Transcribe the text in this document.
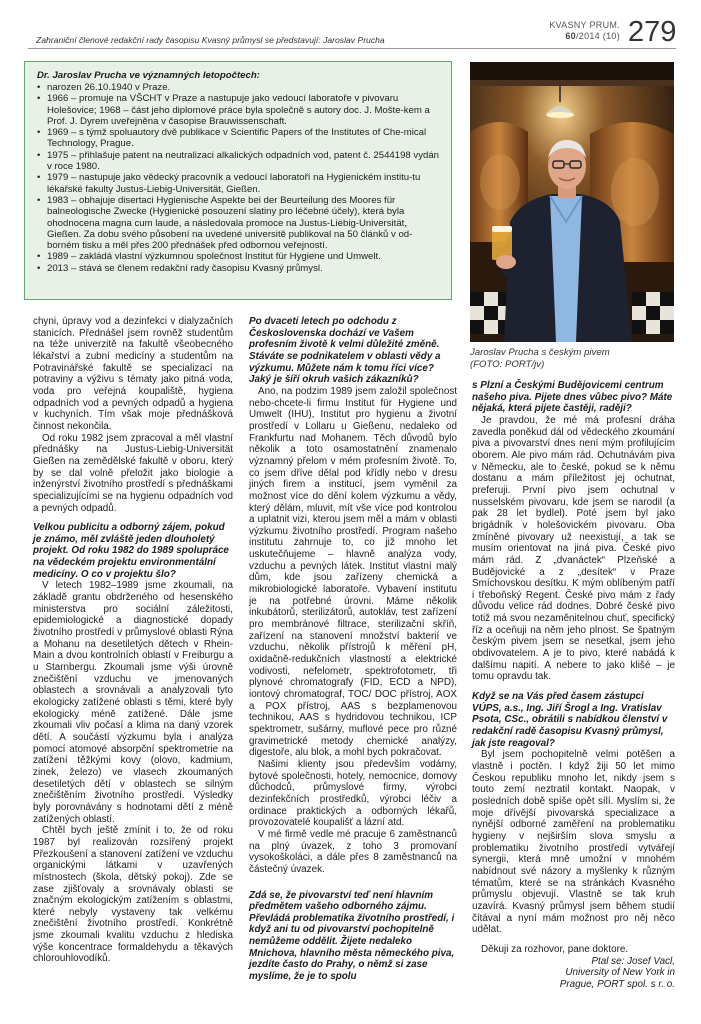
Zahraniční členové redakční rady časopisu Kvasný průmysl se představují: Jaroslav Prucha
KVASNY PRUM.
60/2014 (10) 279
Dr. Jaroslav Prucha ve významných letopočtech:
• narozen 26.10.1940 v Praze.
• 1966 – promuje na VŠCHT v Praze a nastupuje jako vedoucí laboratoře v pivovaru Holešovice; 1968 – část jeho diplomové práce byla společně s autory doc. J. Mošte-kem a Prof. J. Dyrem uveřejněna v časopise Brauwissenschaft.
• 1969 – s týmž spoluautory dvě publikace v Scientific Papers of the Institutes of Che-mical Technology, Prague.
• 1975 – přihlašuje patent na neutralizaci alkalických odpadních vod, patent č. 2544198 vydán v roce 1980.
• 1979 – nastupuje jako vědecký pracovník a vedoucí laboratoří na Hygienickém institu-tu lékařské fakulty Justus-Liebig-Universität, Gießen.
• 1983 – obhajuje disertaci Hygienische Aspekte bei der Beurteilung des Moores für balneologische Zwecke (Hygienické posouzení slatiny pro léčebné účely), která byla ohodnocena magna cum laude, a následovala promoce na Justus-Liebig-Universität, Gießen. Za dobu svého působení na uvedené universitě publikoval na 50 článků v od-borném tisku a měl přes 200 přednášek před odbornou veřejností.
• 1989 – zakládá vlastní výzkumnou společnost Institut für Hygiene und Umwelt.
• 2013 – stává se členem redakční rady časopisu Kvasný průmysl.
Jaroslav Prucha s českým pivem
(FOTO: PORT/jv)

chyni, úpravy vod a dezinfekci v dialyzačních stanicích. Přednášel jsem rovněž studentům na téže univerzitě na fakultě všeobecného lékařství a zubní medicíny a studentům na Potravinářské fakultě se specializací na potraviny a výživu s tématy jako pitná voda, voda pro veřejná koupaliště, hygiena odpadních vod a pevných odpadů a hygiena v kuchyních. Tím však moje přednášková činnost nekončila.

Od roku 1982 jsem zpracoval a měl vlastní přednášky na Justus-Liebig-Universität Gießen na zemědělské fakultě v oboru, který by se dal volně přeložit jako biologie a inženýrství životního prostředí s přednáškami specializujícími se na hygienu odpadních vod a pevných odpadů.

Velkou publicitu a odborný zájem, pokud je známo, měl zvláště jeden dlouholetý projekt. Od roku 1982 do 1989 spolupráce na vědeckém projektu environmentální medicíny. O co v projektu šlo?

V letech 1982–1989 jsme zkoumali, na základě grantu obdrženého od hesenského ministerstva pro sociální záležitosti, epidemiologické a diagnostické dopady životního prostředí v průmyslové oblasti Rýna a Mohanu na desetiletých dětech v Rhein-Main a dvou kontrolních oblastí v Freiburgu a u Starnbergu. Zkoumali jsme výši úrovně znečištění vzduchu ve jmenovaných oblastech a srovnávali a analyzovali tyto ekologicky zatížené oblasti s těmi, které byly ekologicky méně zatížené. Dále jsme zkoumali vliv počasí a klima na daný vzorek dětí. A součástí výzkumu byla i analýza pomocí atomové absorpční spektrometrie na zatížení těžkými kovy (olovo, kadmium, zinek, železo) ve vlasech zkoumaných desetiletých dětí v oblastech se silným znečištěním životního prostředí. Výsledky byly porovnávány s hodnotami dětí z méně zatížených oblastí.

Chtěl bych ještě zmínit i to, že od roku 1987 byl realizován rozsířený projekt Přezkoušení a stanovení zatížení ve vzduchu organickými látkami v uzavřených místnostech (škola, dětský pokoj). Zde se zase zjišťovaly a srovnávaly oblasti se značným ekologickým zatížením s oblastmi, které nebyly vystaveny tak velkému znečištění životního prostředí. Konkrétně jsme zkoumali kvalitu vzduchu z hlediska výše koncentrace formaldehydu a těkavých chlorouhlovodíků.

Po dvaceti letech po odchodu z Československa dochází ve Vašem profesním životě k velmi důležité změně. Stáváte se podnikatelem v oblasti vědy a výzkumu. Můžete nám k tomu říci více? Jaký je šíří okruh vašich zákazníků?

Ano, na podzim 1989 jsem založil společnost nebo-chcete-li firmu Institut für Hygiene und Umwelt (IHU), Institut pro hygienu a životní prostředí v Lollaru u Gießenu, nedaleko od Frankfurtu nad Mohanem. Těch důvodů bylo několik a toto osamostatnění znamenalo významný přelom v mém profesním životě. To, co jsem dříve dělal pod křídly nebo v dresu jiných firem a institucí, jsem vyměnil za možnost více do dění kolem výzkumu a vědy, který dělám, mluvit, mít vše více pod kontrolou a uplatnit vizi, kterou jsem měl a mám v oblasti výzkumu životního prostředí. Program našeho institutu zahrnuje to, co již mnoho let uskutečňujeme – hlavně analýza vody, vzduchu a pevných látek. Institut vlastní malý dům, kde jsou zařízeny chemická a mikrobiologické laboratoře. Vybavení institutu je na potřebné úrovni. Máme několik inkubátorů, sterilizátorů, autokláv, test zařízení pro membránové filtrace, sterilizační skříň, zařízení na stanovení množství bakterií ve vzduchu, několik přístrojů k měření pH, oxidačně-redukčních vlastností a elektrické vodivosti, nefelometr, spektrofotometr, tři plynové chromatografy (FID, ECD a NPD), iontový chromatograf, TOC/ DOC přístroj, AOX a POX přístroj, AAS s bezplamenovou technikou, AAS s hydridovou technikou, ICP spektrometr, sušárny, muflové pece pro různé gravimetrické metody chemické analýzy, digestoře, alu blok, a mohl bych pokračovat.

Našimi klienty jsou především vodárny, bytové společnosti, hotely, nemocnice, domovy důchodců, průmyslové firmy, výrobci dezinfekčních prostředků, výrobci léčiv a ordinace praktických a odborných lékařů, provozovatelé koupališť a lázní atd.

V mé firmě vedle mé pracuje 6 zaměstnanců na plný úvazek, z toho 3 promovaní vysokoškoláci, a dále přes 8 zaměstnanců na částečný úvazek.

Zdá se, že pivovarství teď není hlavním předmětem vašeho odborného zájmu. Převládá problematika životního prostředí, i když ani tu od pivovarství pochopitelně nemůžeme oddělit. Žijete nedaleko Mnichova, hlavního města německého piva, jezdíte často do Prahy, o němž si zase myslíme, že je to spolu

s Plzní a Českými Budějovicemi centrum našeho piva. Pijete dnes vůbec pivo? Máte nějaká, která pijete častěji, raději?

Je pravdou, že mé má profesní dráha zavedla poněkud dál od vědeckého zkoumání piva a pivovarství dnes není mým profilujícím oborem. Ale pivo mám rád. Ochutnávám piva v Německu, ale to české, pokud se k němu dostanu a mám příležitost jej ochutnat, preferuji. První pivo jsem ochutnal v nusselském pivovaru, kde jsem se narodil (a pak 28 let bydlel). Poté jsem byl jako brigádník v holešovickém pivovaru. Oba zmíněné pivovary už neexistují, a tak se musím orientovat na jiná piva. České pivo mám rád. Z „dvanáctek“ Plzeňské a Budějovické a z „desítek“ v Praze Smíchovskou desítku. K mým oblíbeným patří i třeboňský Regent. České pivo mám z řady důvodu velice rád dodnes. Dobré české pivo totiž má svou nezaměnitelnou chuť, specifický říz a oceňuji na něm jeho plnost. Se špatným českým pivem jsem se nesetkal, jsem jeho obdivovatelem. A je to pivo, které nabádá k dalšímu napití. A nebere to jako klišé – je tomu opravdu tak.

Když se na Vás před časem zástupci VÚPS, a.s., Ing. Jiří Šrogl a Ing. Vratislav Psota, CSc., obrátili s nabídkou členství v redakční radě časopisu Kvasný průmysl, jak jste reagoval?

Byl jsem pochopitelně velmi potěšen a vlastně i poctěn. I když žiji 50 let mimo Českou republiku mnoho let, nikdy jsem s touto zemí neztratil kontakt. Naopak, v posledních době spíše opět sílí. Myslím si, že moje dřívější pivovarská specializace a nynější odborné zaměření na problematiku hygieny v nejširším slova smyslu a problematiku životního prostředí vytvářejí synergii, která mně umožní v mnohém nabídnout své názory a myšlenky k různým tématům, které se na stránkách Kvasného průmyslu objevují. Vlastně se tak kruh uzavírá. Kvasný průmysl jsem během studií čítával a nyní mám možnost pro něj něco udělat.

Děkuji za rozhovor, pane doktore.

Ptal se: Josef Vacl,

University of New York in

Prague, PORT spol. s r. o.
